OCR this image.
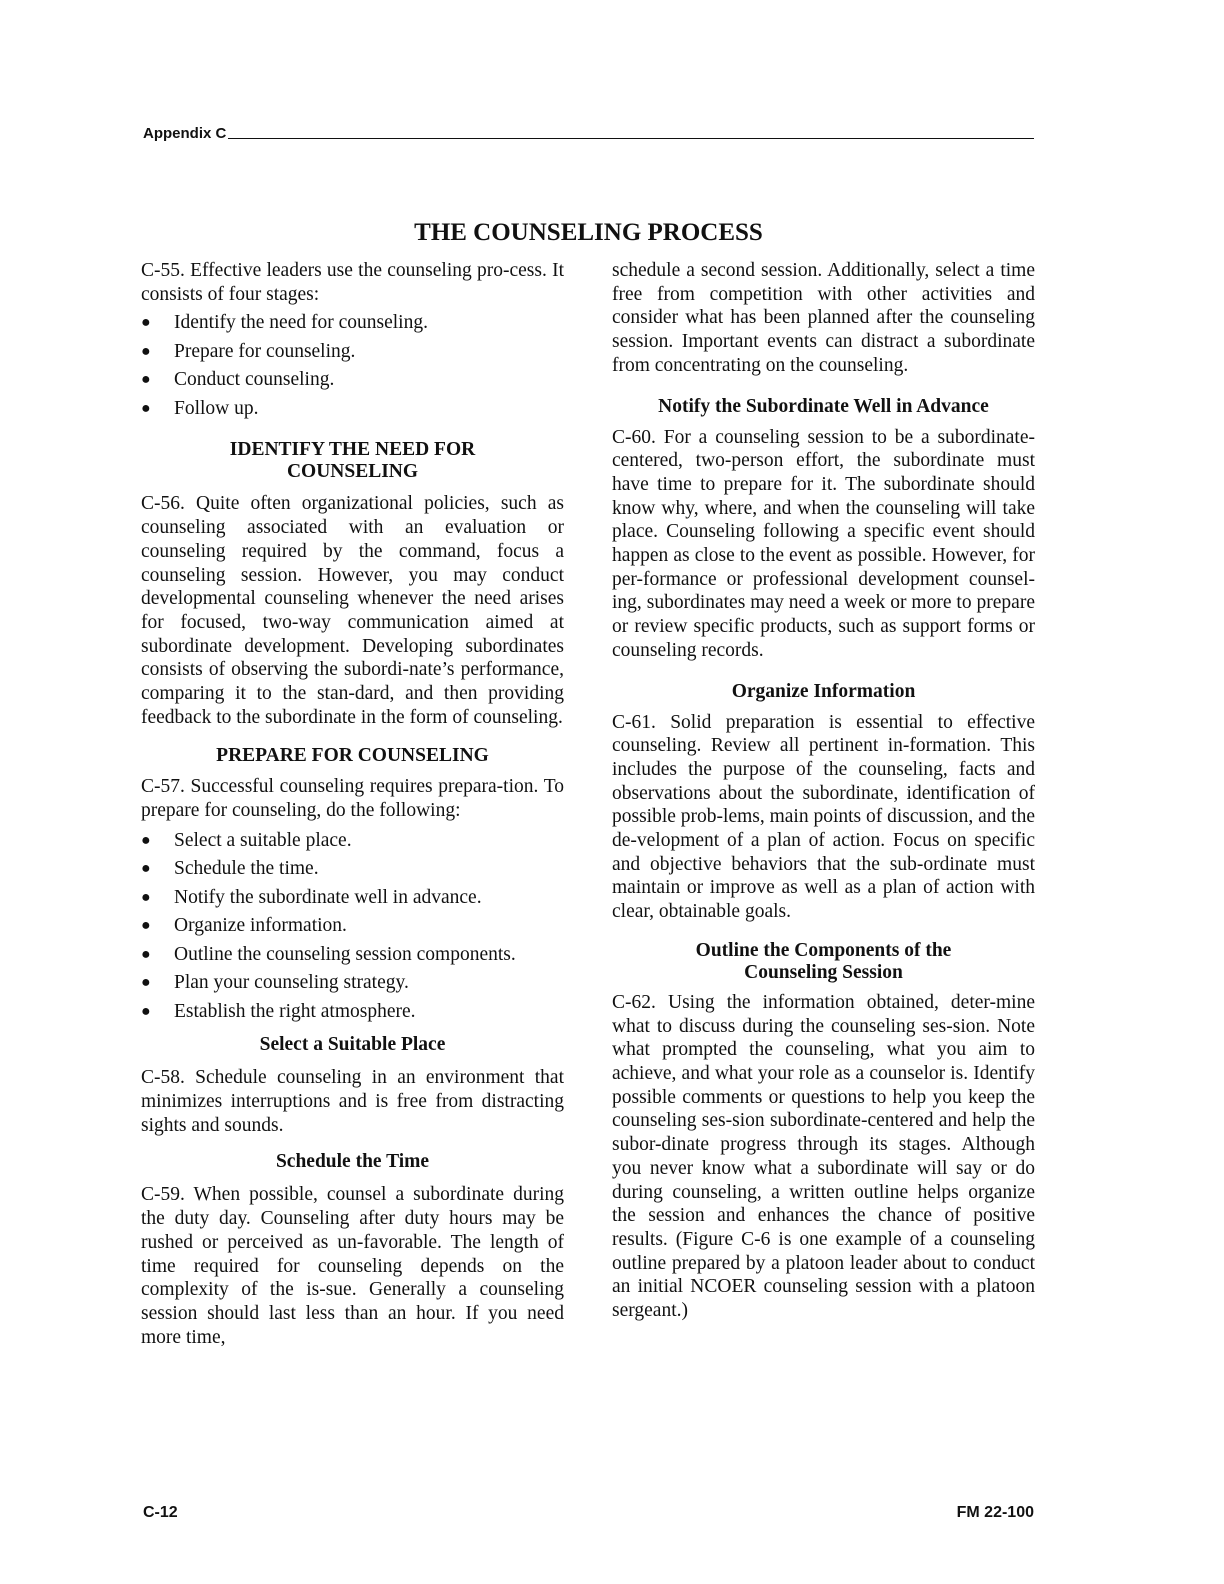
Appendix C
THE COUNSELING PROCESS

C-55. Effective leaders use the counseling pro-cess. It consists of four stages:

● Identify the need for counseling.
● Prepare for counseling.
● Conduct counseling.
● Follow up.
IDENTIFY THE NEED FOR
COUNSELING

C-56. Quite often organizational policies, such as counseling associated with an evaluation or counseling required by the command, focus a counseling session. However, you may conduct developmental counseling whenever the need arises for focused, two-way communication aimed at subordinate development. Developing subordinates consists of observing the subordi-nate’s performance, comparing it to the stan-dard, and then providing feedback to the subordinate in the form of counseling.

PREPARE FOR COUNSELING

C-57. Successful counseling requires prepara-tion. To prepare for counseling, do the following:

● Select a suitable place.
● Schedule the time.
● Notify the subordinate well in advance.
● Organize information.
● Outline the counseling session components.
● Plan your counseling strategy.
● Establish the right atmosphere.
Select a Suitable Place

C-58. Schedule counseling in an environment that minimizes interruptions and is free from distracting sights and sounds.

Schedule the Time

C-59. When possible, counsel a subordinate during the duty day. Counseling after duty hours may be rushed or perceived as un-favorable. The length of time required for counseling depends on the complexity of the is-sue. Generally a counseling session should last less than an hour. If you need more time,

schedule a second session. Additionally, select a time free from competition with other activities and consider what has been planned after the counseling session. Important events can distract a subordinate from concentrating on the counseling.

Notify the Subordinate Well in Advance

C-60. For a counseling session to be a subordinate-centered, two-person effort, the subordinate must have time to prepare for it. The subordinate should know why, where, and when the counseling will take place. Counseling following a specific event should happen as close to the event as possible. However, for per-formance or professional development counsel-ing, subordinates may need a week or more to prepare or review specific products, such as support forms or counseling records.

Organize Information

C-61. Solid preparation is essential to effective counseling. Review all pertinent in-formation. This includes the purpose of the counseling, facts and observations about the subordinate, identification of possible prob-lems, main points of discussion, and the de-velopment of a plan of action. Focus on specific and objective behaviors that the sub-ordinate must maintain or improve as well as a plan of action with clear, obtainable goals.

Outline the Components of the
Counseling Session

C-62. Using the information obtained, deter-mine what to discuss during the counseling ses-sion. Note what prompted the counseling, what you aim to achieve, and what your role as a counselor is. Identify possible comments or questions to help you keep the counseling ses-sion subordinate-centered and help the subor-dinate progress through its stages. Although you never know what a subordinate will say or do during counseling, a written outline helps organize the session and enhances the chance of positive results. (Figure C-6 is one example of a counseling outline prepared by a platoon leader about to conduct an initial NCOER counseling session with a platoon sergeant.)

C-12	FM 22-100
